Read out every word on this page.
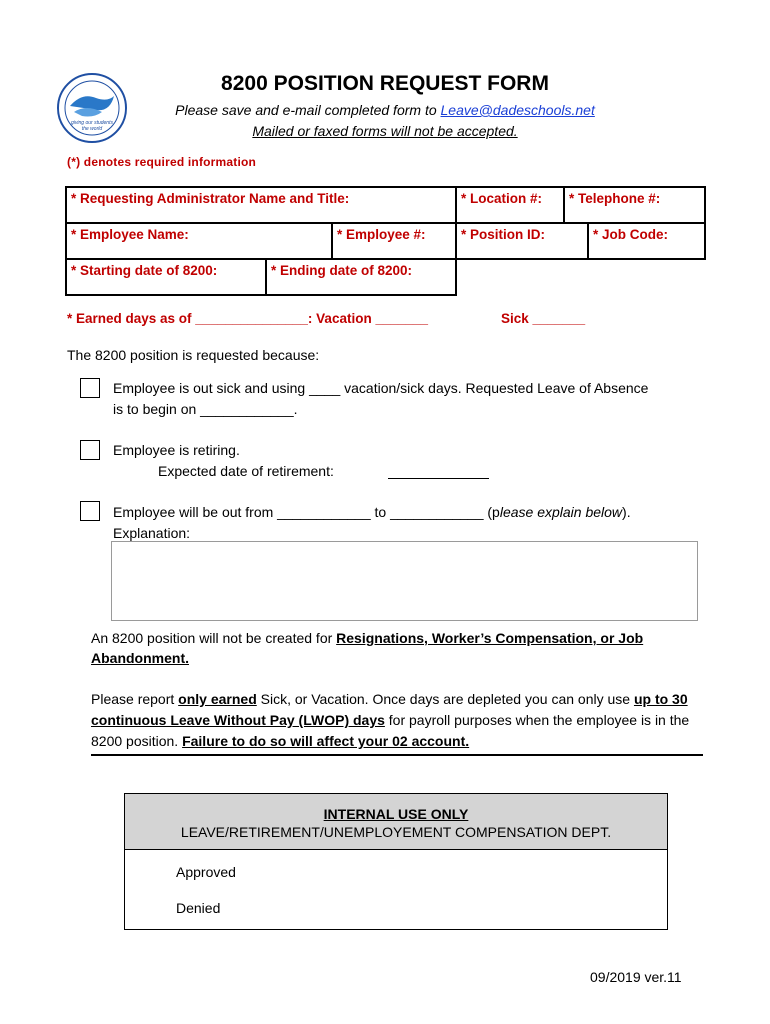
giving our students
the world
8200 POSITION REQUEST FORM
Please save and e-mail completed form to Leave@dadeschools.net
Mailed or faxed forms will not be accepted.
(*) denotes required information
* Requesting Administrator Name and Title:	* Location #:	* Telephone #:
* Employee Name:	* Employee #:	* Position ID:	* Job Code:
* Starting date of 8200:	* Ending date of 8200:
* Earned days as of _______________: Vacation _______	Sick _______
The 8200 position is requested because:
Employee is out sick and using ____ vacation/sick days. Requested Leave of Absence
is to begin on ____________.
Employee is retiring.
Expected date of retirement:
Employee will be out from ____________ to ____________ (please explain below).
Explanation:
An 8200 position will not be created for Resignations, Worker’s Compensation, or Job Abandonment.
Please report only earned Sick, or Vacation. Once days are depleted you can only use up to 30 continuous Leave Without Pay (LWOP) days for payroll purposes when the employee is in the 8200 position. Failure to do so will affect your 02 account.
INTERNAL USE ONLY
LEAVE/RETIREMENT/UNEMPLOYEMENT COMPENSATION DEPT.
Approved
Denied
09/2019 ver.11
